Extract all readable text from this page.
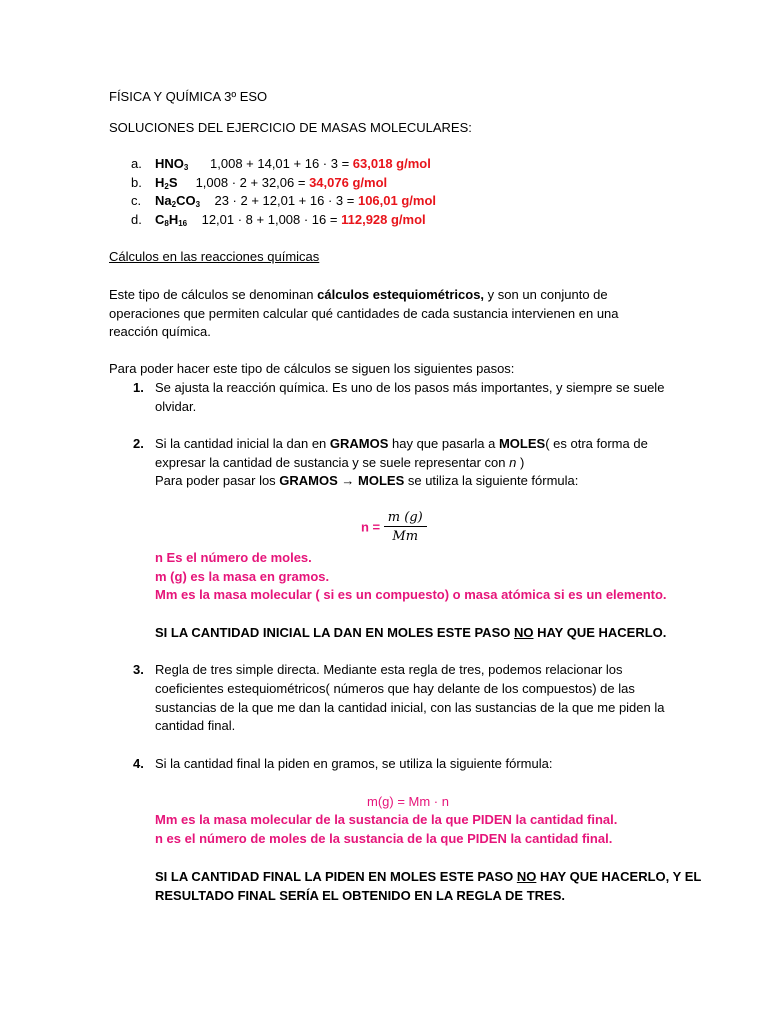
FÍSICA Y QUÍMICA 3º ESO
SOLUCIONES DEL EJERCICIO DE MASAS MOLECULARES:
a. $HNO_3$ 1,008 + 14,01 + 16 · 3 = 63,018 g/mol
b. $H_2S$ 1,008 · 2 + 32,06 = 34,076 g/mol
c. $Na_2CO_3$ 23 · 2 + 12,01 + 16 · 3 = 106,01 g/mol
d. $C_8H_{16}$ 12,01 · 8 + 1,008 · 16 = 112,928 g/mol
Cálculos en las reacciones químicas
Este tipo de cálculos se denominan cálculos estequiométricos, y son un conjunto de
operaciones que permiten calcular qué cantidades de cada sustancia intervienen en una
reacción química.
Para poder hacer este tipo de cálculos se siguen los siguientes pasos:
1. Se ajusta la reacción química. Es uno de los pasos más importantes, y siempre se suele
olvidar.
2. Si la cantidad inicial la dan en GRAMOS hay que pasarla a MOLES( es otra forma de
expresar la cantidad de sustancia y se suele representar con n )
Para poder pasar los GRAMOS → MOLES se utiliza la siguiente fórmula:
$n = \frac{m (g)}{Mm}$
n Es el número de moles.
m (g) es la masa en gramos.
Mm es la masa molecular ( si es un compuesto) o masa atómica si es un elemento.
SI LA CANTIDAD INICIAL LA DAN EN MOLES ESTE PASO NO HAY QUE HACERLO.
3. Regla de tres simple directa. Mediante esta regla de tres, podemos relacionar los
coeficientes estequiométricos( números que hay delante de los compuestos) de las
sustancias de la que me dan la cantidad inicial, con las sustancias de la que me piden la
cantidad final.
4. Si la cantidad final la piden en gramos, se utiliza la siguiente fórmula:
m(g) = Mm · n
Mm es la masa molecular de la sustancia de la que PIDEN la cantidad final.
n es el número de moles de la sustancia de la que PIDEN la cantidad final.
SI LA CANTIDAD FINAL LA PIDEN EN MOLES ESTE PASO NO HAY QUE HACERLO, Y EL
RESULTADO FINAL SERÍA EL OBTENIDO EN LA REGLA DE TRES.
